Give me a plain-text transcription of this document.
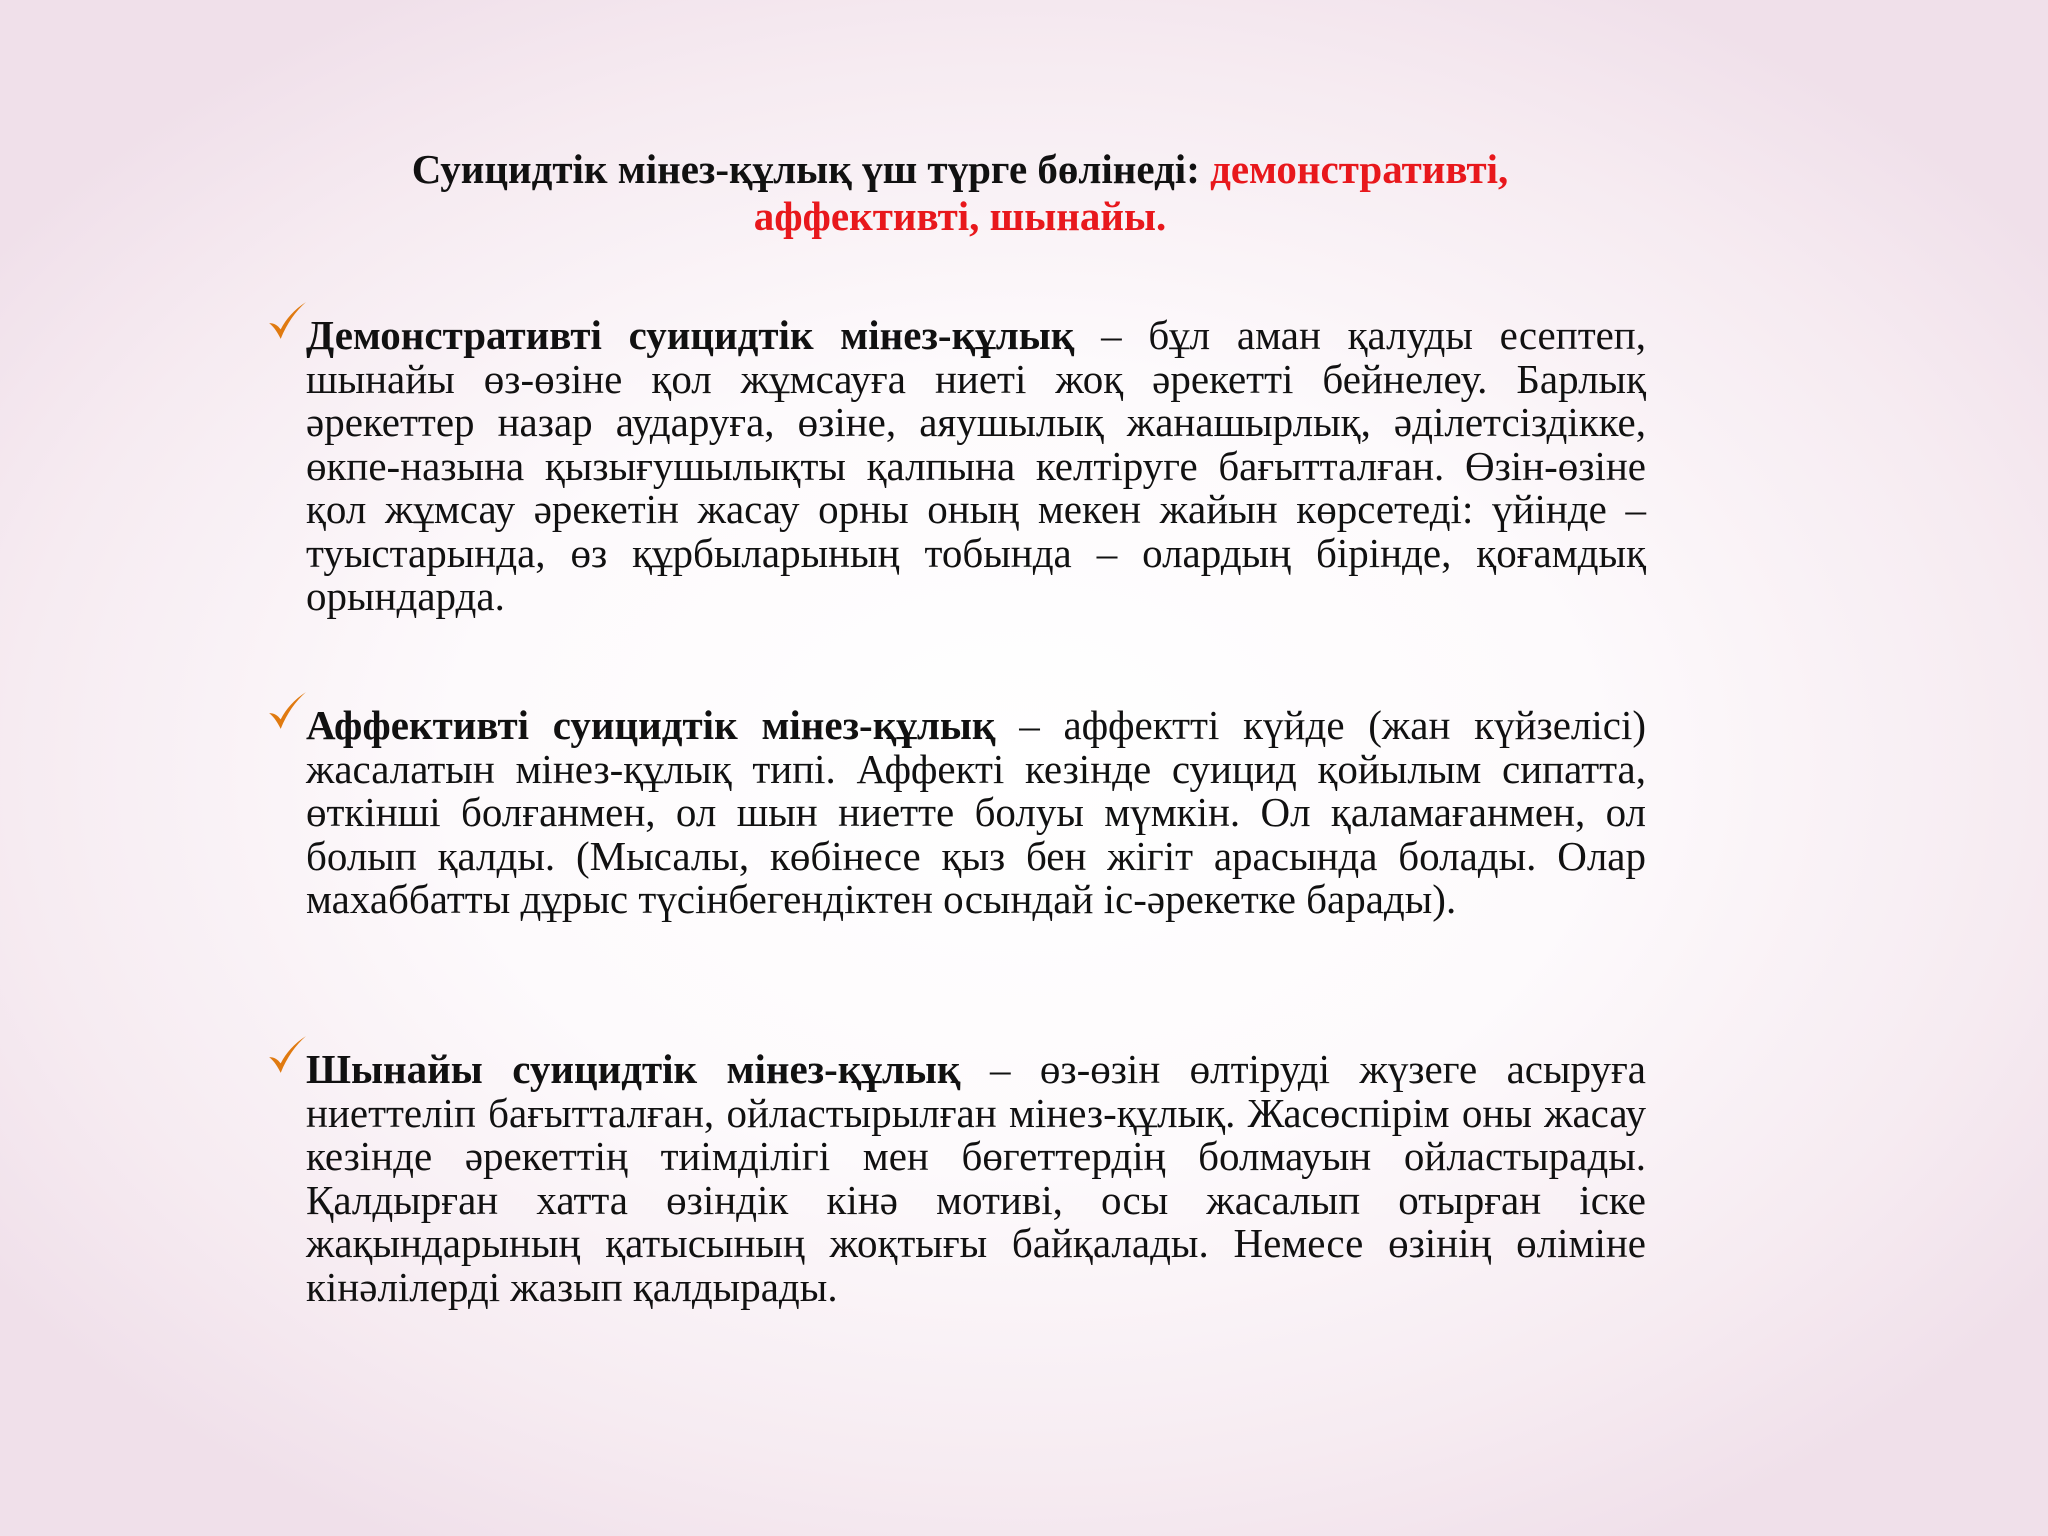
Суицидтік мінез-құлық үш түрге бөлінеді: демонстративті, аффективті, шынайы.

Демонстративті суицидтік мінез-құлық – бұл аман қалуды есептеп, шынайы өз-өзіне қол жұмсауға ниеті жоқ әрекетті бейнелеу. Барлық әрекеттер назар аударуға, өзіне, аяушылық жанашырлық, әділетсіздікке, өкпе-назына қызығушылықты қалпына келтіруге бағытталған. Өзін-өзіне қол жұмсау әрекетін жасау орны оның мекен жайын көрсетеді: үйінде – туыстарында, өз құрбыларының тобында – олардың бірінде, қоғамдық орындарда.

Аффективті суицидтік мінез-құлық – аффектті күйде (жан күйзелісі) жасалатын мінез-құлық типі. Аффекті кезінде суицид қойылым сипатта, өткінші болғанмен, ол шын ниетте болуы мүмкін. Ол қаламағанмен, ол болып қалды. (Мысалы, көбінесе қыз бен жігіт арасында болады. Олар махаббатты дұрыс түсінбегендіктен осындай іс-әрекетке барады).

Шынайы суицидтік мінез-құлық – өз-өзін өлтіруді жүзеге асыруға ниеттеліп бағытталған, ойластырылған мінез-құлық. Жасөспірім оны жасау кезінде әрекеттің тиімділігі мен бөгеттердің болмауын ойластырады. Қалдырған хатта өзіндік кінә мотиві, осы жасалып отырған іске жақындарының қатысының жоқтығы байқалады. Немесе өзінің өліміне кінәлілерді жазып қалдырады.
